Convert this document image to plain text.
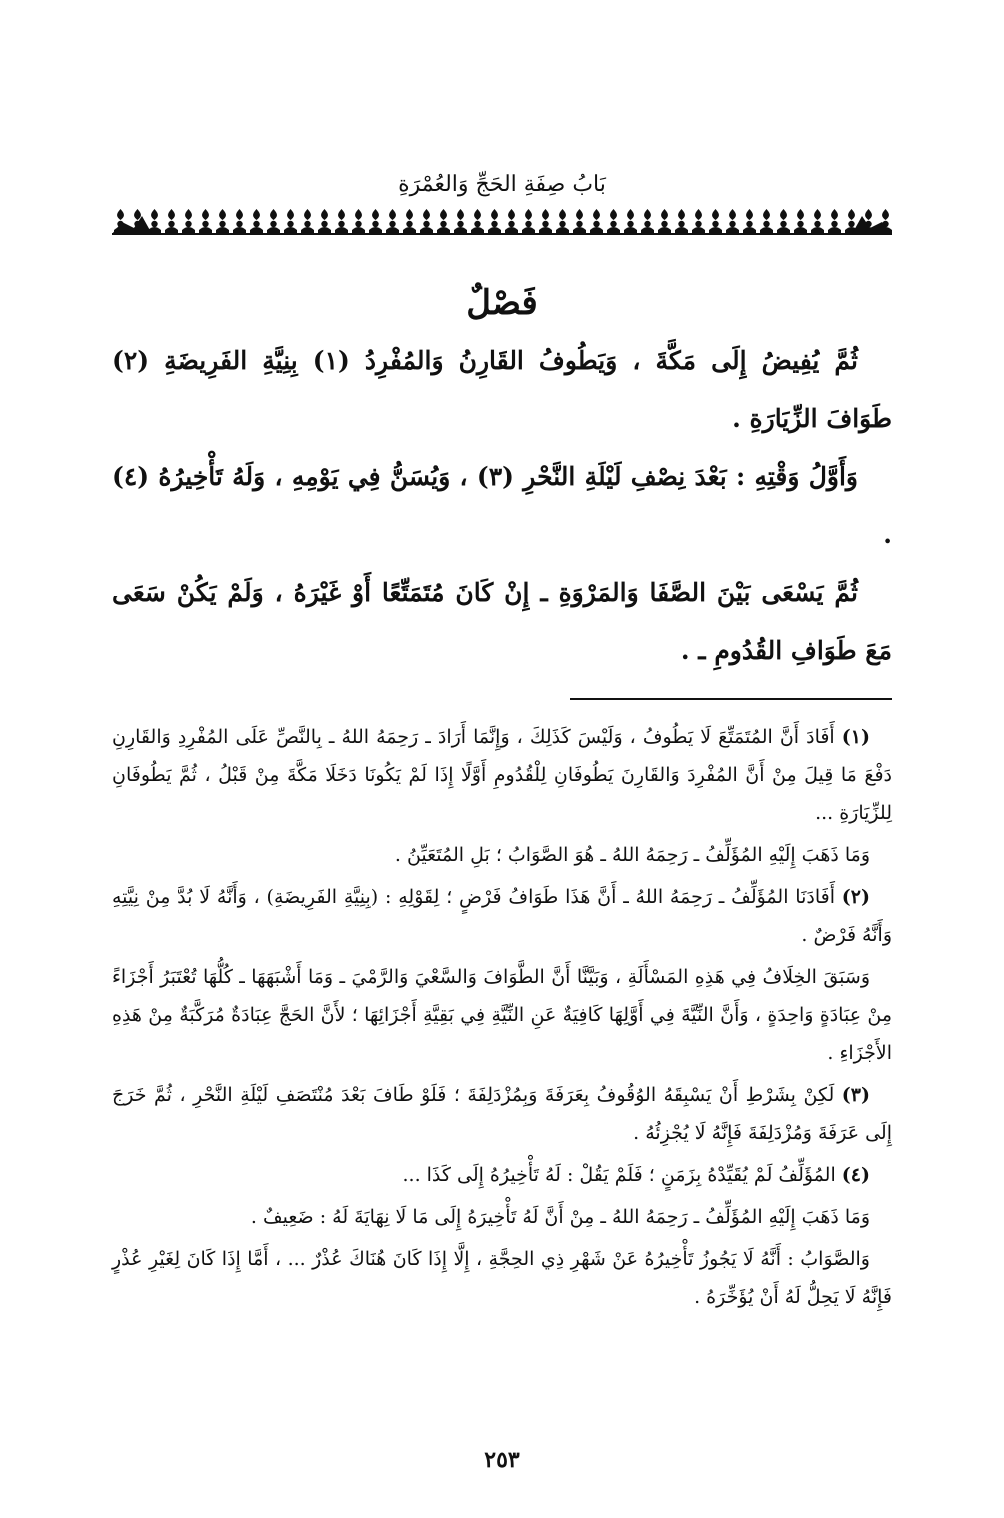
بَابُ صِفَةِ الحَجِّ وَالعُمْرَةِ
فَصْلٌ

ثُمَّ يُفِيضُ إِلَى مَكَّةَ ، وَيَطُوفُ القَارِنُ وَالمُفْرِدُ (١) بِنِيَّةِ الفَرِيضَةِ (٢) طَوَافَ الزِّيَارَةِ .

وَأَوَّلُ وَقْتِهِ : بَعْدَ نِصْفِ لَيْلَةِ النَّحْرِ (٣) ، وَيُسَنُّ فِي يَوْمِهِ ، وَلَهُ تَأْخِيرُهُ (٤) .

ثُمَّ يَسْعَى بَيْنَ الصَّفَا وَالمَرْوَةِ ـ إِنْ كَانَ مُتَمَتِّعًا أَوْ غَيْرَهُ ، وَلَمْ يَكُنْ سَعَى مَعَ طَوَافِ القُدُومِ ـ .

(١) أَفَادَ أَنَّ المُتَمَتِّعَ لَا يَطُوفُ ، وَلَيْسَ كَذَلِكَ ، وَإِنَّمَا أَرَادَ ـ رَحِمَهُ اللهُ ـ بِالنَّصِّ عَلَى المُفْرِدِ وَالقَارِنِ دَفْعَ مَا قِيلَ مِنْ أَنَّ المُفْرِدَ وَالقَارِنَ يَطُوفَانِ لِلْقُدُومِ أَوَّلًا إِذَا لَمْ يَكُونَا دَخَلَا مَكَّةَ مِنْ قَبْلُ ، ثُمَّ يَطُوفَانِ لِلزِّيَارَةِ ...

وَمَا ذَهَبَ إِلَيْهِ المُؤَلِّفُ ـ رَحِمَهُ اللهُ ـ هُوَ الصَّوَابُ ؛ بَلِ المُتَعَيِّنُ .

(٢) أَفَادَنَا المُؤَلِّفُ ـ رَحِمَهُ اللهُ ـ أَنَّ هَذَا طَوَافُ فَرْضٍ ؛ لِقَوْلِهِ : (بِنِيَّةِ الفَرِيضَةِ) ، وَأَنَّهُ لَا بُدَّ مِنْ نِيَّتِهِ وَأَنَّهُ فَرْضٌ .

وَسَبَقَ الخِلَافُ فِي هَذِهِ المَسْأَلَةِ ، وَبَيَّنَّا أَنَّ الطَّوَافَ وَالسَّعْيَ وَالرَّمْيَ ـ وَمَا أَشْبَهَهَا ـ كُلُّهَا تُعْتَبَرُ أَجْزَاءً مِنْ عِبَادَةٍ وَاحِدَةٍ ، وَأَنَّ النِّيَّةَ فِي أَوَّلِهَا كَافِيَةٌ عَنِ النِّيَّةِ فِي بَقِيَّةِ أَجْزَائِهَا ؛ لأَنَّ الحَجَّ عِبَادَةٌ مُرَكَّبَةٌ مِنْ هَذِهِ الأَجْزَاءِ .

(٣) لَكِنْ بِشَرْطِ أَنْ يَسْبِقَهُ الوُقُوفُ بِعَرَفَةَ وَبِمُزْدَلِفَةَ ؛ فَلَوْ طَافَ بَعْدَ مُنْتَصَفِ لَيْلَةِ النَّحْرِ ، ثُمَّ خَرَجَ إِلَى عَرَفَةَ وَمُزْدَلِفَةَ فَإِنَّهُ لَا يُجْزِئُهُ .

(٤) المُؤَلِّفُ لَمْ يُقَيِّدْهُ بِزَمَنٍ ؛ فَلَمْ يَقُلْ : لَهُ تَأْخِيرُهُ إِلَى كَذَا ...

وَمَا ذَهَبَ إِلَيْهِ المُؤَلِّفُ ـ رَحِمَهُ اللهُ ـ مِنْ أَنَّ لَهُ تَأْخِيرَهُ إِلَى مَا لَا نِهَايَةَ لَهُ : ضَعِيفٌ .

وَالصَّوَابُ : أَنَّهُ لَا يَجُوزُ تَأْخِيرُهُ عَنْ شَهْرِ ذِي الحِجَّةِ ، إِلَّا إِذَا كَانَ هُنَاكَ عُذْرٌ ... ، أَمَّا إِذَا كَانَ لِغَيْرِ عُذْرٍ فَإِنَّهُ لَا يَحِلُّ لَهُ أَنْ يُؤَخِّرَهُ .

٢٥٣
